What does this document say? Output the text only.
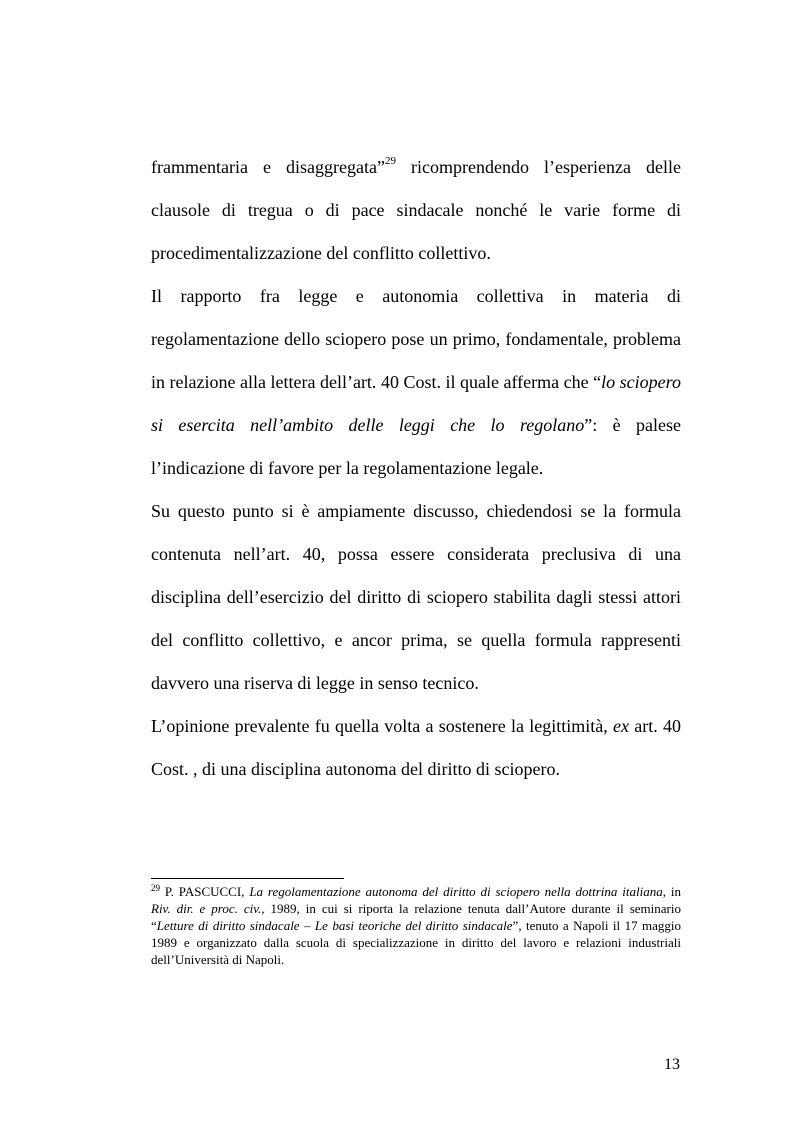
frammentaria e disaggregata”$^{29}$ ricomprendendo l’esperienza delle clausole di tregua o di pace sindacale nonché le varie forme di procedimentalizzazione del conflitto collettivo.

Il rapporto fra legge e autonomia collettiva in materia di regolamentazione dello sciopero pose un primo, fondamentale, problema in relazione alla lettera dell’art. 40 Cost. il quale afferma che “lo sciopero si esercita nell’ambito delle leggi che lo regolano”: è palese l’indicazione di favore per la regolamentazione legale.

Su questo punto si è ampiamente discusso, chiedendosi se la formula contenuta nell’art. 40, possa essere considerata preclusiva di una disciplina dell’esercizio del diritto di sciopero stabilita dagli stessi attori del conflitto collettivo, e ancor prima, se quella formula rappresenti davvero una riserva di legge in senso tecnico.

L’opinione prevalente fu quella volta a sostenere la legittimità, ex art. 40 Cost. , di una disciplina autonoma del diritto di sciopero.

$^{29}$ P. PASCUCCI, La regolamentazione autonoma del diritto di sciopero nella dottrina italiana, in Riv. dir. e proc. civ., 1989, in cui si riporta la relazione tenuta dall’Autore durante il seminario “Letture di diritto sindacale – Le basi teoriche del diritto sindacale”, tenuto a Napoli il 17 maggio 1989 e organizzato dalla scuola di specializzazione in diritto del lavoro e relazioni industriali dell’Università di Napoli.

13
